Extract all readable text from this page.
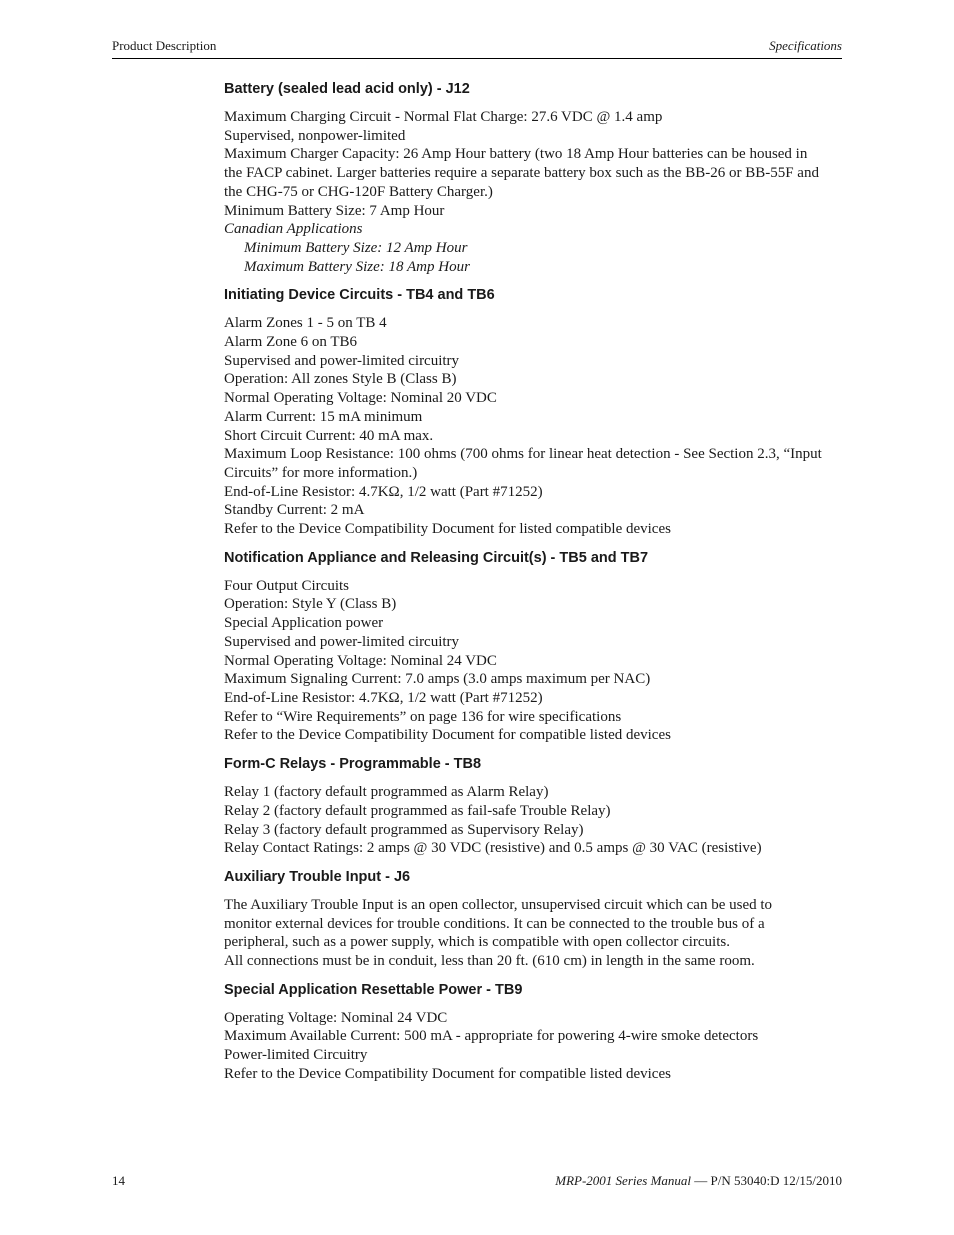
Product Description	Specifications
Battery (sealed lead acid only) - J12

Maximum Charging Circuit - Normal Flat Charge: 27.6 VDC @ 1.4 amp

Supervised, nonpower-limited

Maximum Charger Capacity: 26 Amp Hour battery (two 18 Amp Hour batteries can be housed in

the FACP cabinet. Larger batteries require a separate battery box such as the BB-26 or BB-55F and

the CHG-75 or CHG-120F Battery Charger.)

Minimum Battery Size: 7 Amp Hour

Canadian Applications

Minimum Battery Size: 12 Amp Hour

Maximum Battery Size: 18 Amp Hour

Initiating Device Circuits - TB4 and TB6

Alarm Zones 1 - 5 on TB 4

Alarm Zone 6 on TB6

Supervised and power-limited circuitry

Operation: All zones Style B (Class B)

Normal Operating Voltage: Nominal 20 VDC

Alarm Current: 15 mA minimum

Short Circuit Current: 40 mA max.

Maximum Loop Resistance: 100 ohms (700 ohms for linear heat detection - See Section 2.3, “Input

Circuits” for more information.)

End-of-Line Resistor: 4.7KΩ, 1/2 watt (Part #71252)

Standby Current: 2 mA

Refer to the Device Compatibility Document for listed compatible devices

Notification Appliance and Releasing Circuit(s) - TB5 and TB7

Four Output Circuits

Operation: Style Y (Class B)

Special Application power

Supervised and power-limited circuitry

Normal Operating Voltage: Nominal 24 VDC

Maximum Signaling Current: 7.0 amps (3.0 amps maximum per NAC)

End-of-Line Resistor: 4.7KΩ, 1/2 watt (Part #71252)

Refer to “Wire Requirements” on page 136 for wire specifications

Refer to the Device Compatibility Document for compatible listed devices

Form-C Relays - Programmable - TB8

Relay 1 (factory default programmed as Alarm Relay)

Relay 2 (factory default programmed as fail-safe Trouble Relay)

Relay 3 (factory default programmed as Supervisory Relay)

Relay Contact Ratings: 2 amps @ 30 VDC (resistive) and 0.5 amps @ 30 VAC (resistive)

Auxiliary Trouble Input - J6

The Auxiliary Trouble Input is an open collector, unsupervised circuit which can be used to

monitor external devices for trouble conditions. It can be connected to the trouble bus of a

peripheral, such as a power supply, which is compatible with open collector circuits.

All connections must be in conduit, less than 20 ft. (610 cm) in length in the same room.

Special Application Resettable Power - TB9

Operating Voltage: Nominal 24 VDC

Maximum Available Current: 500 mA - appropriate for powering 4-wire smoke detectors

Power-limited Circuitry

Refer to the Device Compatibility Document for compatible listed devices

14	MRP-2001 Series Manual — P/N 53040:D 12/15/2010
